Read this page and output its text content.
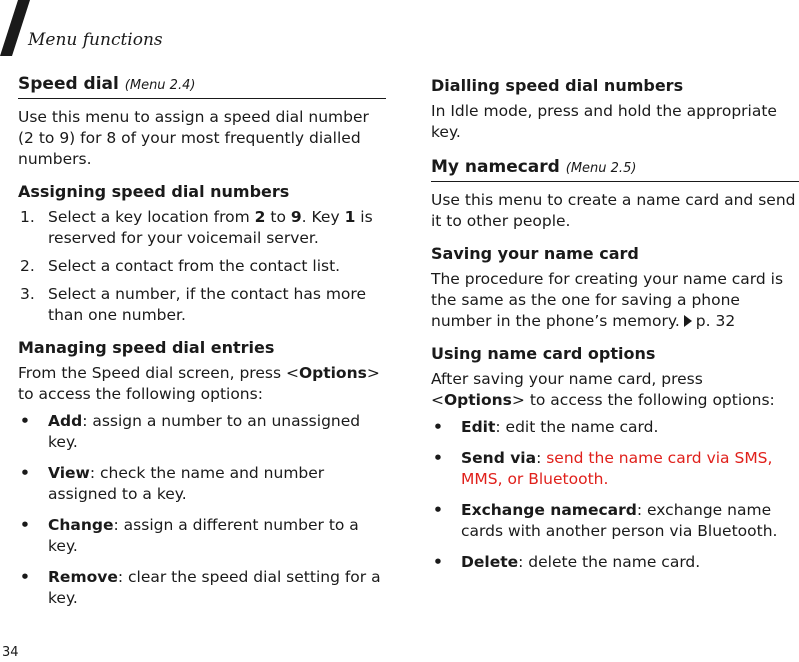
Menu functions
Speed dial (Menu 2.4)

Use this menu to assign a speed dial number (2 to 9) for 8 of your most frequently dialled numbers.

Assigning speed dial numbers
1. Select a key location from 2 to 9. Key 1 is reserved for your voicemail server.
2. Select a contact from the contact list.
3. Select a number, if the contact has more than one number.
Managing speed dial entries

From the Speed dial screen, press <Options> to access the following options:

• Add: assign a number to an unassigned key.
• View: check the name and number assigned to a key.
• Change: assign a different number to a key.
• Remove: clear the speed dial setting for a key.
Dialling speed dial numbers

In Idle mode, press and hold the appropriate key.

My namecard (Menu 2.5)

Use this menu to create a name card and send it to other people.

Saving your name card

The procedure for creating your name card is the same as the one for saving a phone number in the phone’s memory. p. 32

Using name card options

After saving your name card, press <Options> to access the following options:

• Edit: edit the name card.
• Send via: send the name card via SMS, MMS, or Bluetooth.
• Exchange namecard: exchange name cards with another person via Bluetooth.
• Delete: delete the name card.
34
